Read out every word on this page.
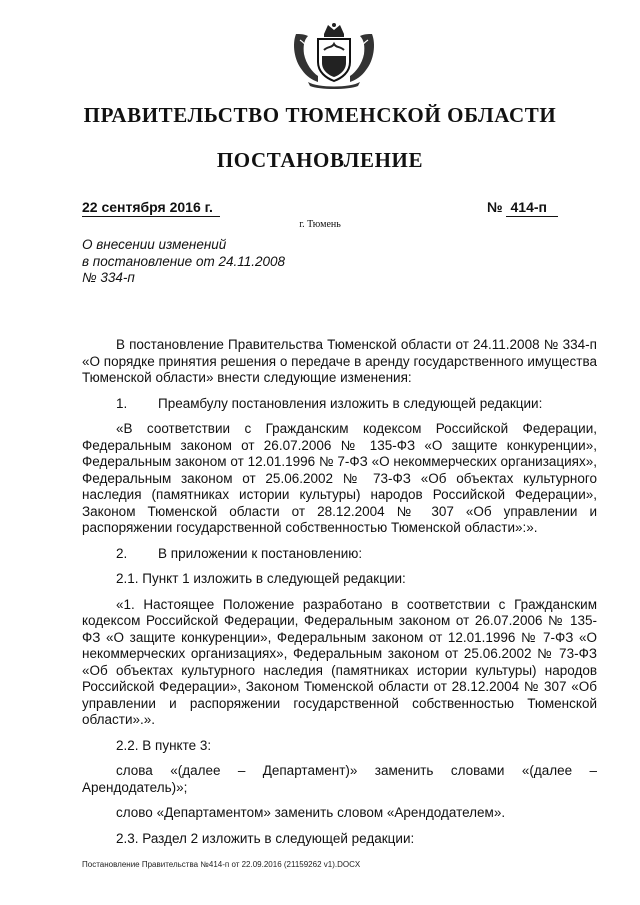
ПРАВИТЕЛЬСТВО ТЮМЕНСКОЙ ОБЛАСТИ
ПОСТАНОВЛЕНИЕ
22 сентября 2016 г.	№ 414-п
г. Тюмень
О внесении изменений
в постановление от 24.11.2008
№ 334-п

В постановление Правительства Тюменской области от 24.11.2008 № 334-п «О порядке принятия решения о передаче в аренду государственного имущества Тюменской области» внести следующие изменения:

1. Преамбулу постановления изложить в следующей редакции:

«В соответствии с Гражданским кодексом Российской Федерации, Федеральным законом от 26.07.2006 № 135-ФЗ «О защите конкуренции», Федеральным законом от 12.01.1996 № 7-ФЗ «О некоммерческих организациях», Федеральным законом от 25.06.2002 № 73-ФЗ «Об объектах культурного наследия (памятниках истории культуры) народов Российской Федерации», Законом Тюменской области от 28.12.2004 № 307 «Об управлении и распоряжении государственной собственностью Тюменской области»:».

2. В приложении к постановлению:

2.1. Пункт 1 изложить в следующей редакции:

«1. Настоящее Положение разработано в соответствии с Гражданским кодексом Российской Федерации, Федеральным законом от 26.07.2006 № 135-ФЗ «О защите конкуренции», Федеральным законом от 12.01.1996 № 7-ФЗ «О некоммерческих организациях», Федеральным законом от 25.06.2002 № 73-ФЗ «Об объектах культурного наследия (памятниках истории культуры) народов Российской Федерации», Законом Тюменской области от 28.12.2004 № 307 «Об управлении и распоряжении государственной собственностью Тюменской области».».

2.2. В пункте 3:

слова «(далее – Департамент)» заменить словами «(далее – Арендодатель)»;

слово «Департаментом» заменить словом «Арендодателем».

2.3. Раздел 2 изложить в следующей редакции:

Постановление Правительства №414-п от 22.09.2016 (21159262 v1).DOCX
